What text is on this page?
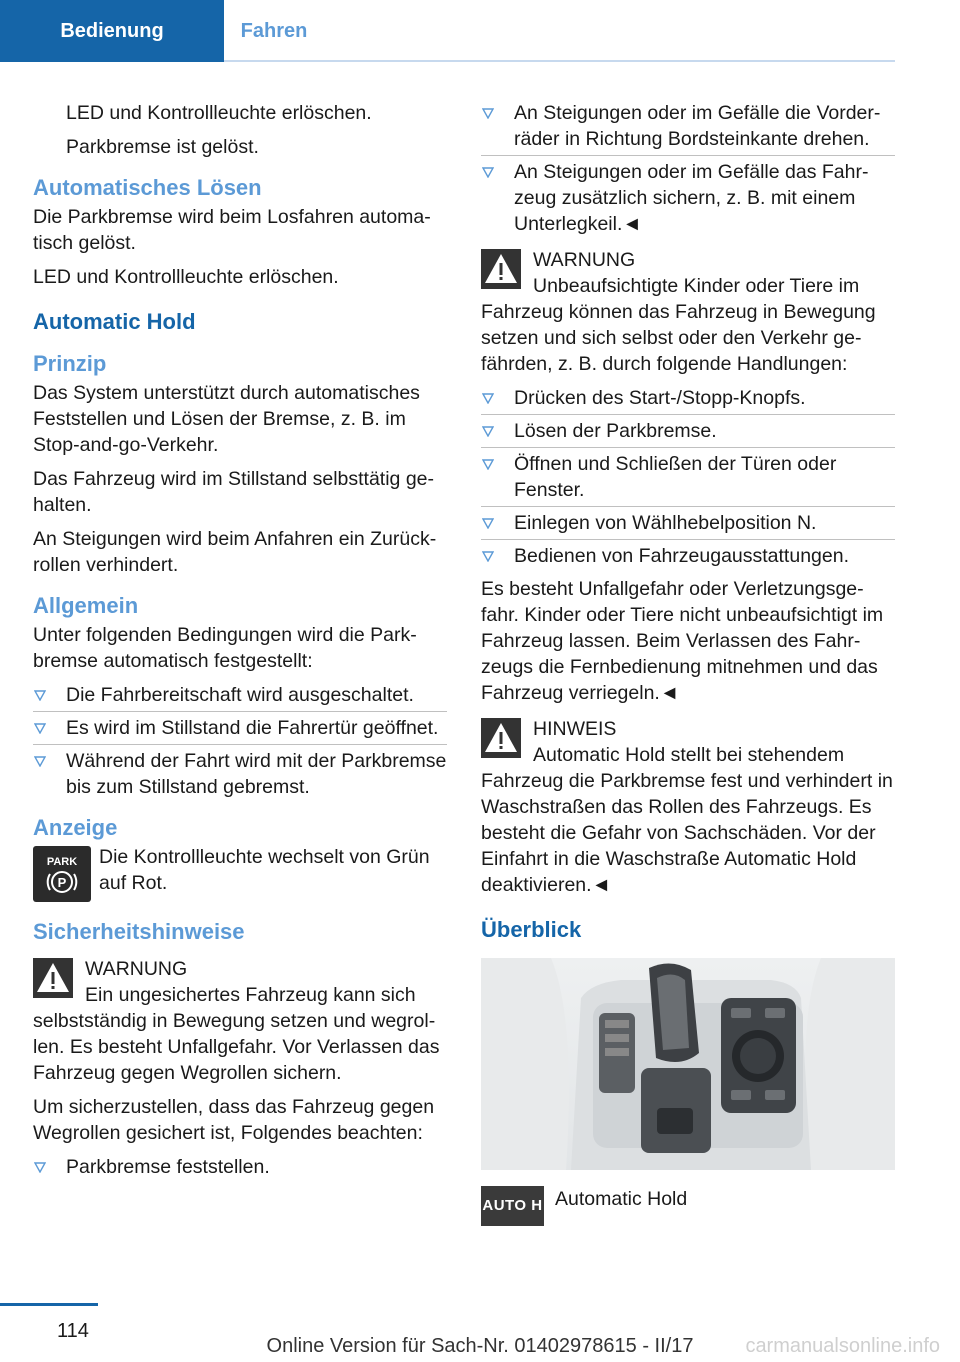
Bedienung	Fahren

LED und Kontrollleuchte erlöschen.

Parkbremse ist gelöst.

Automatisches Lösen

Die Parkbremse wird beim Losfahren automatisch gelöst.

LED und Kontrollleuchte erlöschen.

Automatic Hold
Prinzip

Das System unterstützt durch automatisches Feststellen und Lösen der Bremse, z. B. im Stop-and-go-Verkehr.

Das Fahrzeug wird im Stillstand selbsttätig gehalten.

An Steigungen wird beim Anfahren ein Zurückrollen verhindert.

Allgemein

Unter folgenden Bedingungen wird die Parkbremse automatisch festgestellt:

Die Fahrbereitschaft wird ausgeschaltet.
Es wird im Stillstand die Fahrertür geöffnet.
Während der Fahrt wird mit der Parkbremse bis zum Stillstand gebremst.
Anzeige
PARK
P

Die Kontrollleuchte wechselt von Grün auf Rot.

Sicherheitshinweise
WARNUNG
Ein ungesichertes Fahrzeug kann sich selbstständig in Bewegung setzen und wegrollen. Es besteht Unfallgefahr. Vor Verlassen das Fahrzeug gegen Wegrollen sichern.

Um sicherzustellen, dass das Fahrzeug gegen Wegrollen gesichert ist, Folgendes beachten:

Parkbremse feststellen.
An Steigungen oder im Gefälle die Vorderräder in Richtung Bordsteinkante drehen.
An Steigungen oder im Gefälle das Fahrzeug zusätzlich sichern, z. B. mit einem Unterlegkeil.◄
WARNUNG
Unbeaufsichtigte Kinder oder Tiere im Fahrzeug können das Fahrzeug in Bewegung setzen und sich selbst oder den Verkehr gefährden, z. B. durch folgende Handlungen:
Drücken des Start-/Stopp-Knopfs.
Lösen der Parkbremse.
Öffnen und Schließen der Türen oder Fenster.
Einlegen von Wählhebelposition N.
Bedienen von Fahrzeugausstattungen.

Es besteht Unfallgefahr oder Verletzungsgefahr. Kinder oder Tiere nicht unbeaufsichtigt im Fahrzeug lassen. Beim Verlassen des Fahrzeugs die Fernbedienung mitnehmen und das Fahrzeug verriegeln.◄

HINWEIS
Automatic Hold stellt bei stehendem Fahrzeug die Parkbremse fest und verhindert in Waschstraßen das Rollen des Fahrzeugs. Es besteht die Gefahr von Sachschäden. Vor der Einfahrt in die Waschstraße Automatic Hold deaktivieren.◄
Überblick
AUTO H Automatic Hold

114
Online Version für Sach-Nr. 01402978615 - II/17	carmanualsonline.info
